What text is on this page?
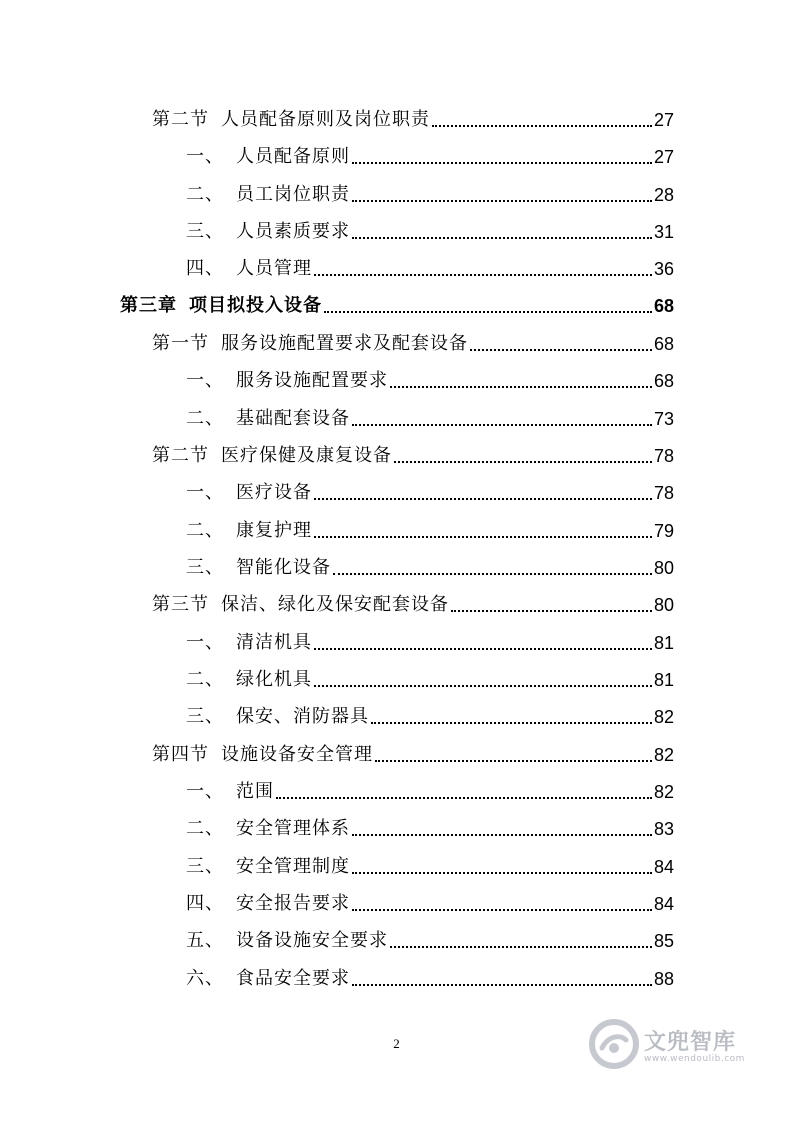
第二节 人员配备原则及岗位职责	27
一、 人员配备原则	27
二、 员工岗位职责	28
三、 人员素质要求	31
四、 人员管理	36
第三章 项目拟投入设备	68
第一节 服务设施配置要求及配套设备	68
一、 服务设施配置要求	68
二、 基础配套设备	73
第二节 医疗保健及康复设备	78
一、 医疗设备	78
二、 康复护理	79
三、 智能化设备	80
第三节 保洁、绿化及保安配套设备	80
一、 清洁机具	81
二、 绿化机具	81
三、 保安、消防器具	82
第四节 设施设备安全管理	82
一、 范围	82
二、 安全管理体系	83
三、 安全管理制度	84
四、 安全报告要求	84
五、 设备设施安全要求	85
六、 食品安全要求	88
2	文兜智库
www.wendoulib.com
